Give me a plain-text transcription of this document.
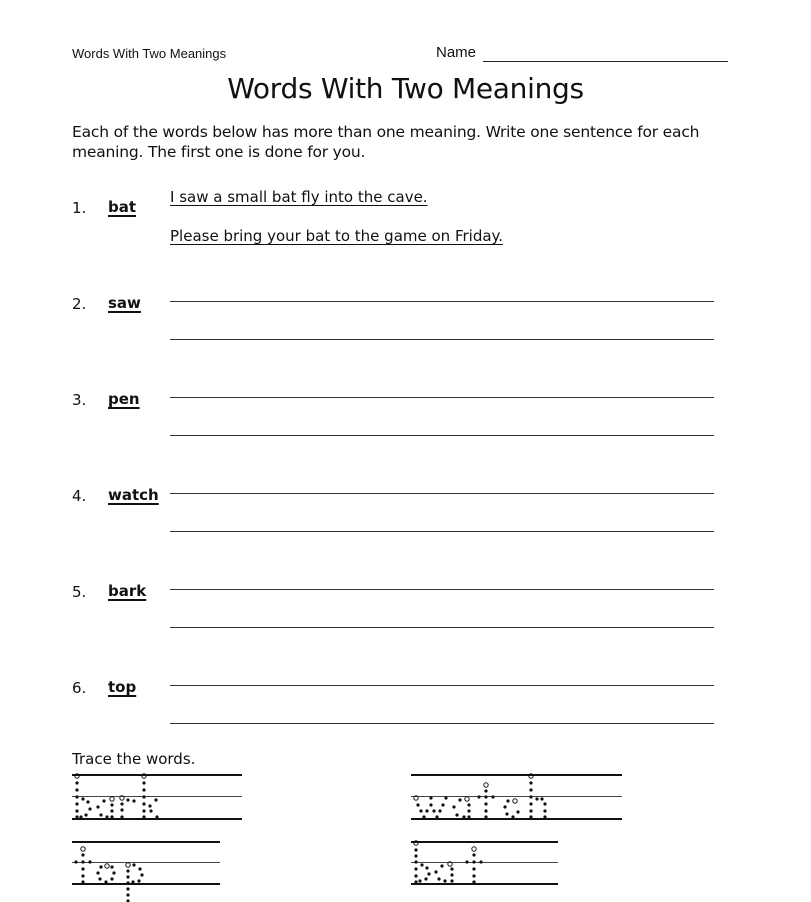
Words With Two Meanings	Name
Words With Two Meanings
Each of the words below has more than one meaning. Write one sentence for each meaning. The first one is done for you.
1. bat
I saw a small bat fly into the cave.
Please bring your bat to the game on Friday.
2. saw
3. pen
4. watch
5. bark
6. top
Trace the words.
